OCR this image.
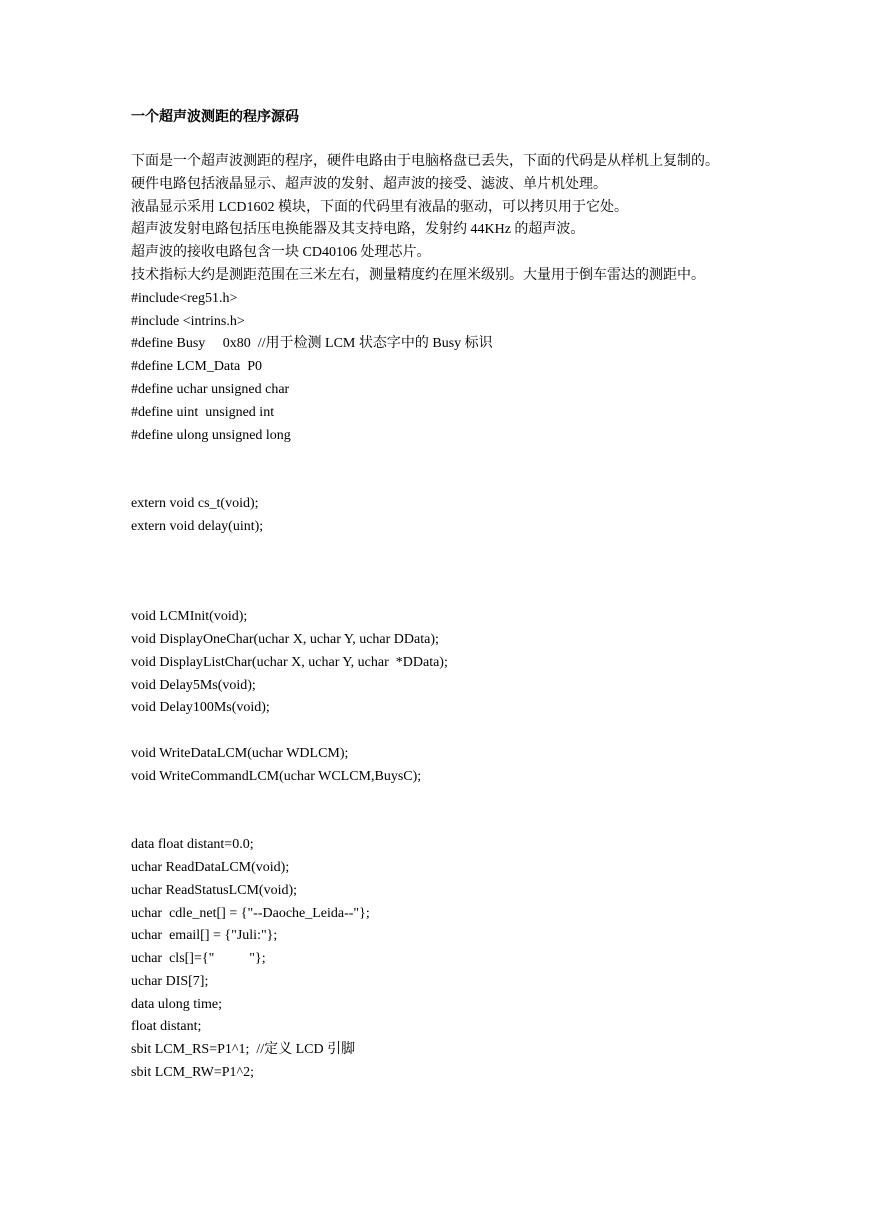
一个超声波测距的程序源码
下面是一个超声波测距的程序，硬件电路由于电脑格盘已丢失，下面的代码是从样机上复制的。
硬件电路包括液晶显示、超声波的发射、超声波的接受、滤波、单片机处理。
液晶显示采用 LCD1602 模块，下面的代码里有液晶的驱动，可以拷贝用于它处。
超声波发射电路包括压电换能器及其支持电路，发射约 44KHz 的超声波。
超声波的接收电路包含一块 CD40106 处理芯片。
技术指标大约是测距范围在三米左右，测量精度约在厘米级别。大量用于倒车雷达的测距中。
#include<reg51.h>
#include <intrins.h>
#define Busy     0x80  //用于检测 LCM 状态字中的 Busy 标识
#define LCM_Data  P0
#define uchar unsigned char
#define uint  unsigned int
#define ulong unsigned long
extern void cs_t(void);
extern void delay(uint);
void LCMInit(void);
void DisplayOneChar(uchar X, uchar Y, uchar DData);
void DisplayListChar(uchar X, uchar Y, uchar  *DData);
void Delay5Ms(void);
void Delay100Ms(void);
void WriteDataLCM(uchar WDLCM);
void WriteCommandLCM(uchar WCLCM,BuysC);
data float distant=0.0;
uchar ReadDataLCM(void);
uchar ReadStatusLCM(void);
uchar  cdle_net[] = {"--Daoche_Leida--"};
uchar  email[] = {"Juli:"};
uchar  cls[]={"          "};
uchar DIS[7];
data ulong time;
float distant;
sbit LCM_RS=P1^1;  //定义 LCD 引脚
sbit LCM_RW=P1^2;
